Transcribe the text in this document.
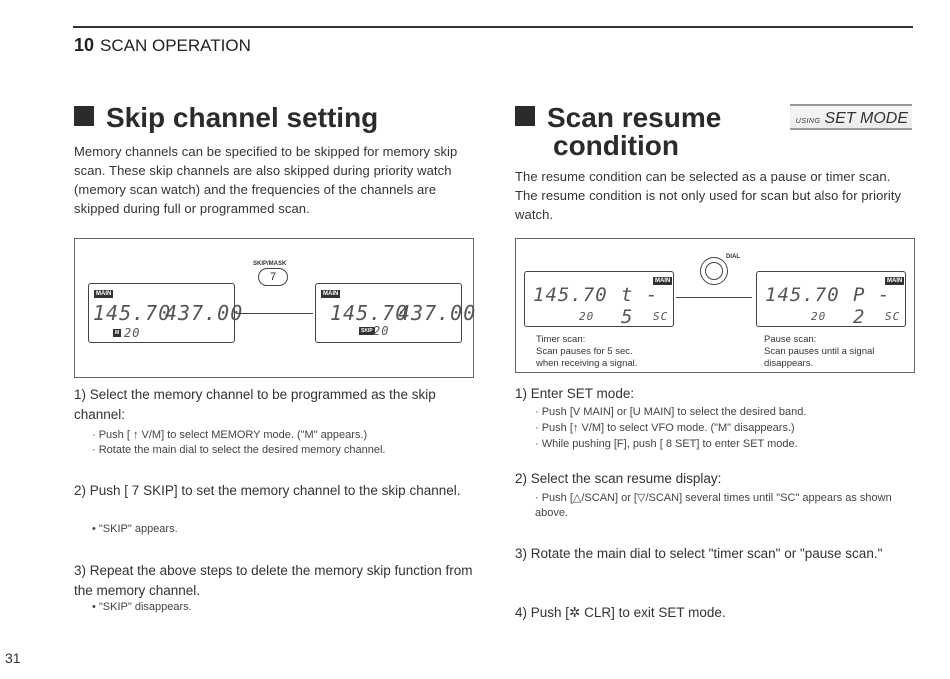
10 SCAN OPERATION
Skip channel setting
Memory channels can be specified to be skipped for memory skip scan. These skip channels are also skipped during priority watch (memory scan watch) and the frequencies of the channels are skipped during full or programmed scan.
SKIP/MASK
7
MAIN
145.70
437.00
20
M
MAIN
145.70
437.00
SKIP 20
1) Select the memory channel to be programmed as the skip channel:
· Push [ ↑ V/M] to select MEMORY mode. ("M" appears.)
· Rotate the main dial to select the desired memory channel.
2) Push [ 7 SKIP] to set the memory channel to the skip channel.
• "SKIP" appears.
3) Repeat the above steps to delete the memory skip function from the memory channel.
• "SKIP" disappears.
Scan resume
condition
USING SET MODE
The resume condition can be selected as a pause or timer scan. The resume condition is not only used for scan but also for priority watch.
DIAL
MAIN
145.70 t - 5
20	SC
MAIN
145.70 P - 2
20	SC
Timer scan:
Scan pauses for 5 sec.
when receiving a signal.
Pause scan:
Scan pauses until a signal
disappears.
1) Enter SET mode:
· Push [V MAIN] or [U MAIN] to select the desired band.
· Push [↑ V/M] to select VFO mode. ("M" disappears.)
· While pushing [F], push [ 8 SET] to enter SET mode.
2) Select the scan resume display:
· Push [△/SCAN] or [▽/SCAN] several times until "SC" appears as shown above.
3) Rotate the main dial to select "timer scan" or "pause scan."
4) Push [✲ CLR] to exit SET mode.
31
